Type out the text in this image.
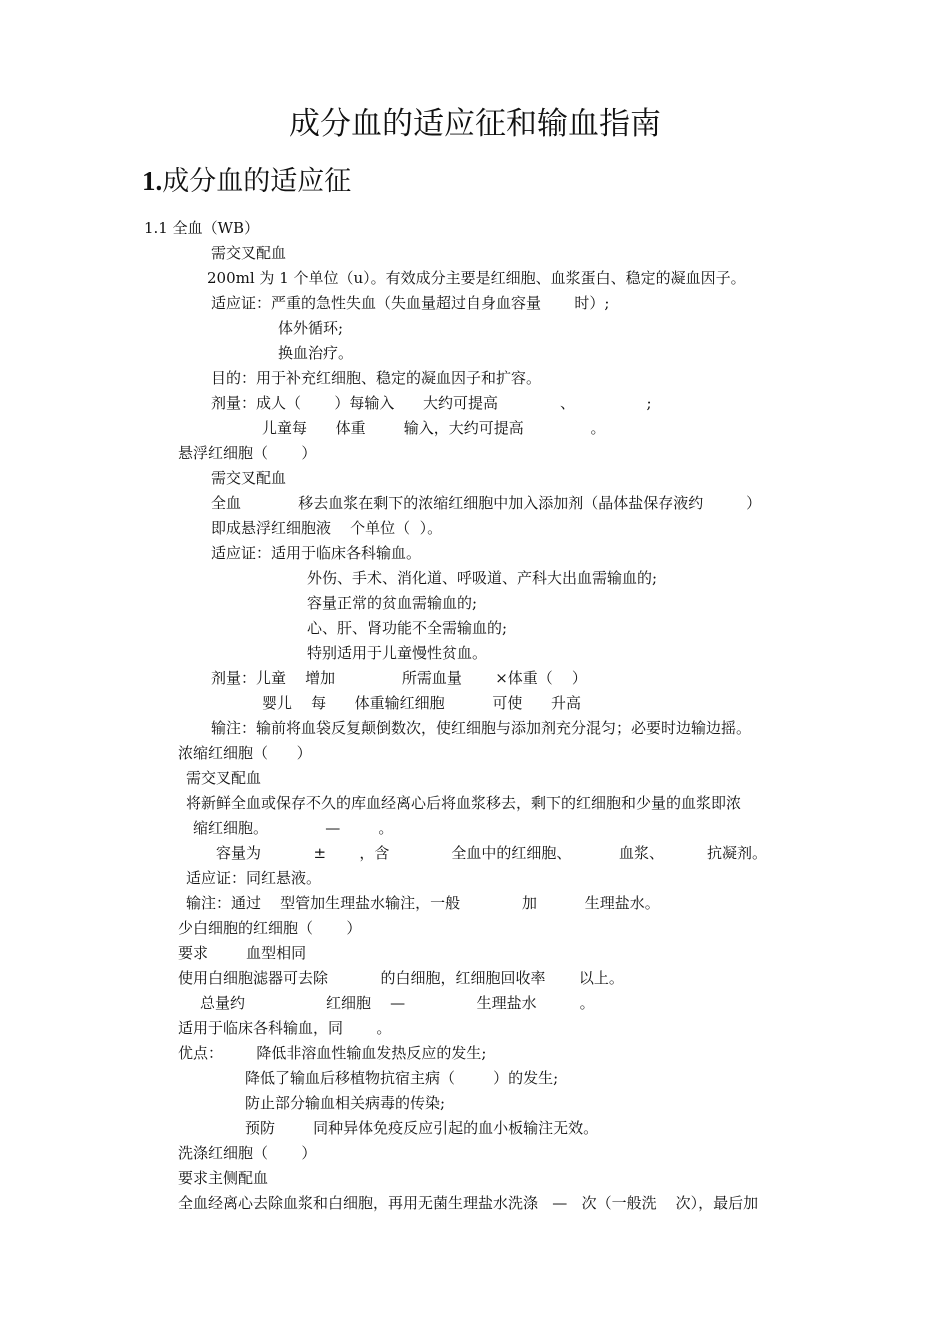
成分血的适应征和输血指南
1.成分血的适应征
1.1 全血（WB）
需交叉配血
200ml 为 1 个单位（u）。有效成分主要是红细胞、血浆蛋白、稳定的凝血因子。
适应证：严重的急性失血（失血量超过自身血容量       时）;
体外循环;
换血治疗。
目的：用于补充红细胞、稳定的凝血因子和扩容。
剂量：成人（       ）每输入      大约可提高             、               ;
儿童每      体重        输入，大约可提高              。
悬浮红细胞（       ）
需交叉配血
全血            移去血浆在剩下的浓缩红细胞中加入添加剂（晶体盐保存液约         ）
即成悬浮红细胞液    个单位（  ）。
适应证：适用于临床各科输血。
外伤、手术、消化道、呼吸道、产科大出血需输血的;
容量正常的贫血需输血的;
心、肝、肾功能不全需输血的;
特别适用于儿童慢性贫血。
剂量：儿童    增加              所需血量       ×体重（    ）
婴儿    每      体重输红细胞          可使      升高
输注：输前将血袋反复颠倒数次，使红细胞与添加剂充分混匀；必要时边输边摇。
浓缩红细胞（      ）
需交叉配血
将新鲜全血或保存不久的库血经离心后将血浆移去，剩下的红细胞和少量的血浆即浓
缩红细胞。            —        。
容量为           ±       ，含             全血中的红细胞、          血浆、         抗凝剂。
适应证：同红悬液。
输注：通过    型管加生理盐水输注，一般             加          生理盐水。
少白细胞的红细胞（       ）
要求        血型相同
使用白细胞滤器可去除           的白细胞，红细胞回收率       以上。
总量约                 红细胞    —               生理盐水         。
适用于临床各科输血，同       。
优点：       降低非溶血性输血发热反应的发生;
降低了输血后移植物抗宿主病（        ）的发生;
防止部分输血相关病毒的传染;
预防        同种异体免疫反应引起的血小板输注无效。
洗涤红细胞（       ）
要求主侧配血
全血经离心去除血浆和白细胞，再用无菌生理盐水洗涤   —   次（一般洗    次），最后加
